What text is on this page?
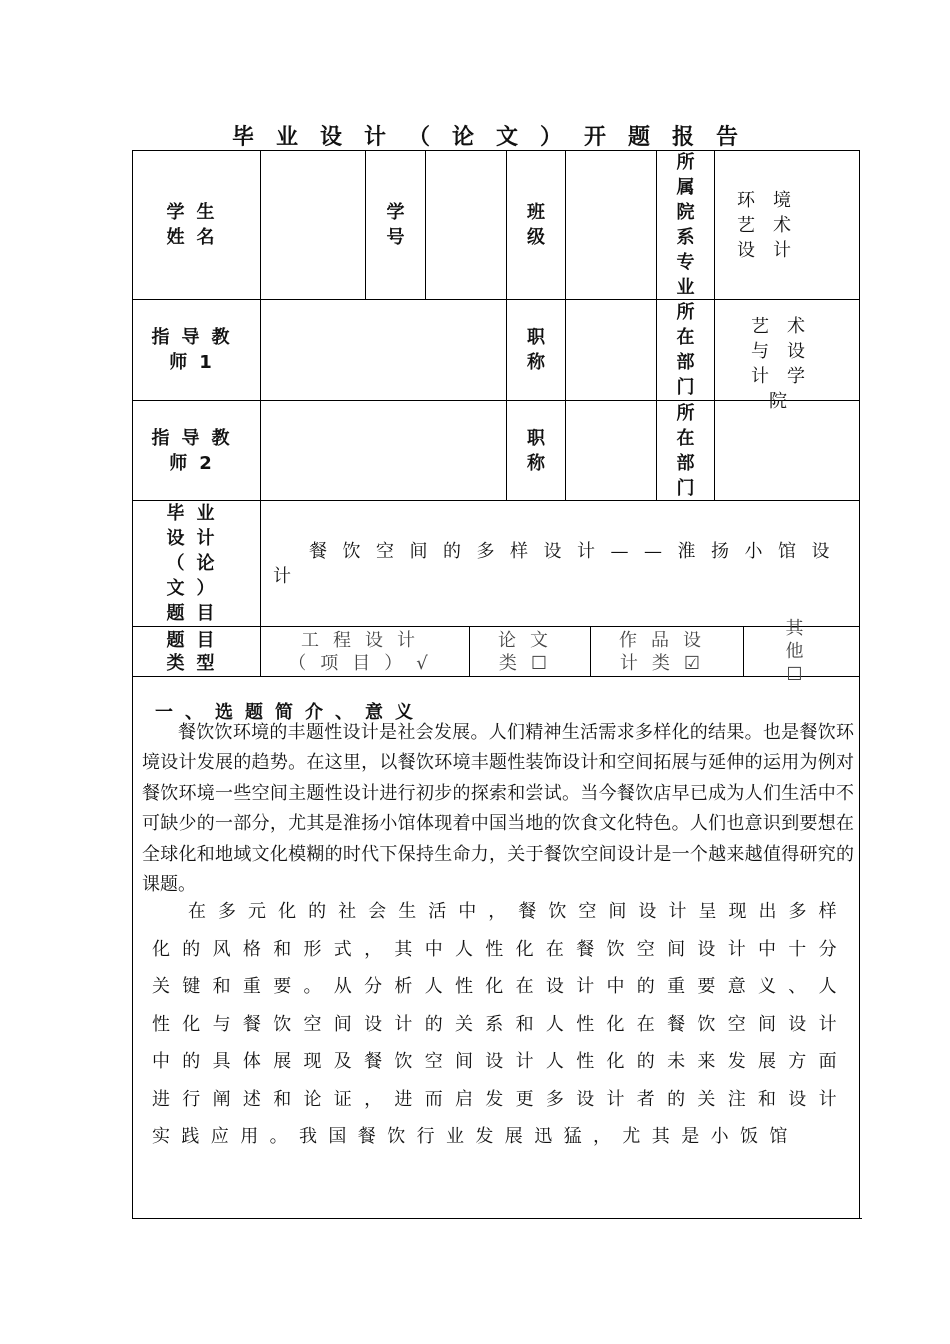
毕业设计（论文）开题报告
学生姓名
学号
班级
所属院系专业
环境艺术设计
指导教师1
职称
所在部门
艺术与设计学院
指导教师2
职称
所在部门
毕业设计（论文）题目
餐饮空间的多样设计——淮扬小馆设计
题目类型
工程设计（项目）√
论文类☐
作品设计类☑
其他☐
一、选题简介、意义
餐饮饮环境的丰题性设计是社会发展。人们精神生活需求多样化的结果。也是餐饮环境设计发展的趋势。在这里，以餐饮环境丰题性装饰设计和空间拓展与延伸的运用为例对餐饮环境一些空间主题性设计进行初步的探索和尝试。当今餐饮店早已成为人们生活中不可缺少的一部分，尤其是淮扬小馆体现着中国当地的饮食文化特色。人们也意识到要想在全球化和地域文化模糊的时代下保持生命力，关于餐饮空间设计是一个越来越值得研究的课题。
在多元化的社会生活中，餐饮空间设计呈现出多样化的风格和形式，其中人性化在餐饮空间设计中十分关键和重要。从分析人性化在设计中的重要意义、人性化与餐饮空间设计的关系和人性化在餐饮空间设计中的具体展现及餐饮空间设计人性化的未来发展方面进行阐述和论证，进而启发更多设计者的关注和设计实践应用。我国餐饮行业发展迅猛，尤其是小饭馆
